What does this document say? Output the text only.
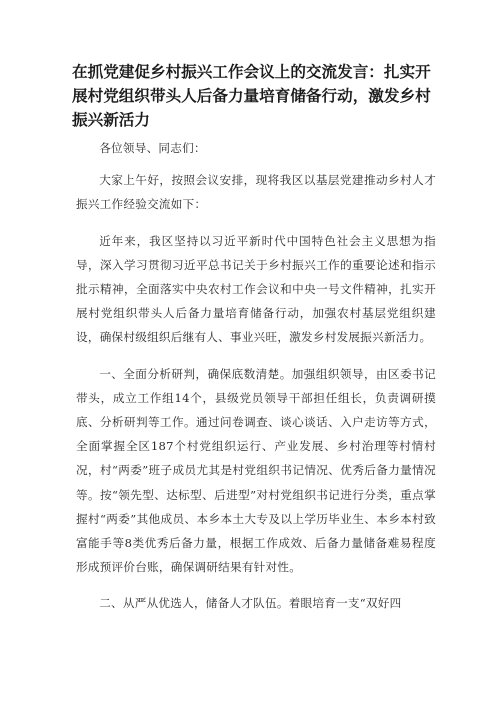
在抓党建促乡村振兴工作会议上的交流发言：扎实开展村党组织带头人后备力量培育储备行动，激发乡村振兴新活力

各位领导、同志们：

大家上午好，按照会议安排，现将我区以基层党建推动乡村人才振兴工作经验交流如下：

近年来，我区坚持以习近平新时代中国特色社会主义思想为指导，深入学习贯彻习近平总书记关于乡村振兴工作的重要论述和指示批示精神，全面落实中央农村工作会议和中央一号文件精神，扎实开展村党组织带头人后备力量培育储备行动，加强农村基层党组织建设，确保村级组织后继有人、事业兴旺，激发乡村发展振兴新活力。

一、全面分析研判，确保底数清楚。加强组织领导，由区委书记带头，成立工作组14个，县级党员领导干部担任组长，负责调研摸底、分析研判等工作。通过问卷调查、谈心谈话、入户走访等方式，全面掌握全区187个村党组织运行、产业发展、乡村治理等村情村况，村“两委”班子成员尤其是村党组织书记情况、优秀后备力量情况等。按“领先型、达标型、后进型”对村党组织书记进行分类，重点掌握村“两委”其他成员、本乡本土大专及以上学历毕业生、本乡本村致富能手等8类优秀后备力量，根据工作成效、后备力量储备难易程度形成预评价台账，确保调研结果有针对性。

二、从严从优选人，储备人才队伍。着眼培育一支“双好四
